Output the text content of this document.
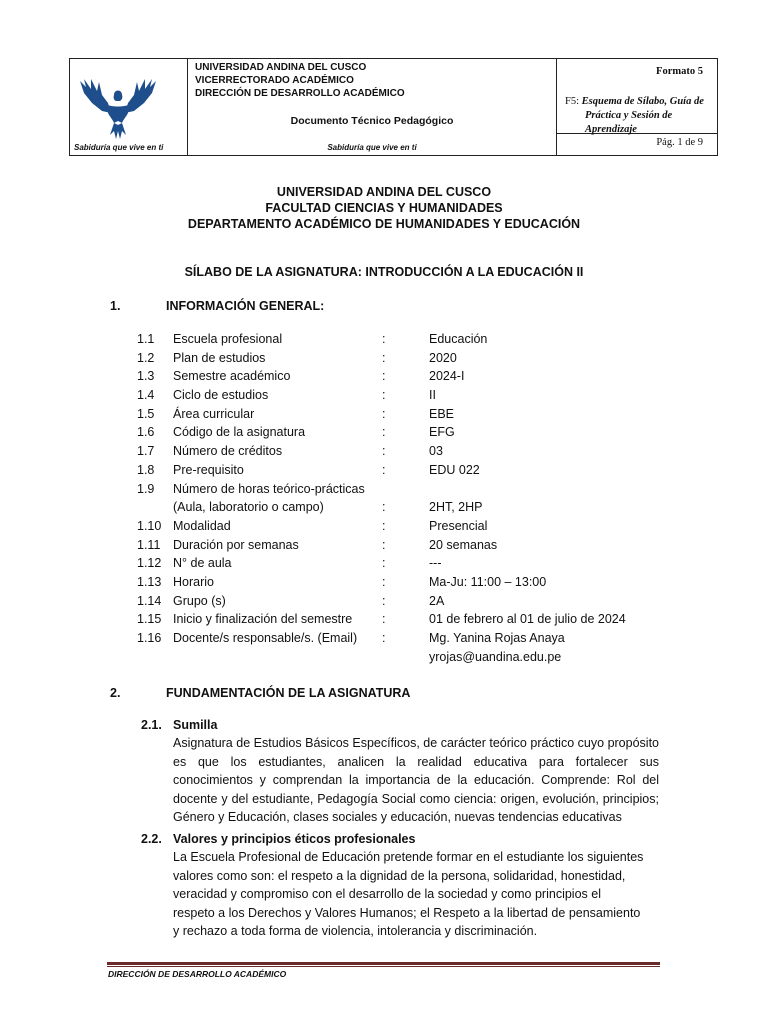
Sabiduría que vive en ti
UNIVERSIDAD ANDINA DEL CUSCO
VICERRECTORADO ACADÉMICO
DIRECCIÓN DE DESARROLLO ACADÉMICO
Documento Técnico Pedagógico
Sabiduría que vive en ti
Formato 5
F5: Esquema de Sílabo, Guía de
Práctica y Sesión de Aprendizaje
Pág. 1 de 9
UNIVERSIDAD ANDINA DEL CUSCO
FACULTAD CIENCIAS Y HUMANIDADES
DEPARTAMENTO ACADÉMICO DE HUMANIDADES Y EDUCACIÓN
SÍLABO DE LA ASIGNATURA: INTRODUCCIÓN A LA EDUCACIÓN II
1.	INFORMACIÓN GENERAL:
1.1 Escuela profesional	:	Educación
1.2 Plan de estudios	:	2020
1.3 Semestre académico	:	2024-I
1.4 Ciclo de estudios	:	II
1.5 Área curricular	:	EBE
1.6 Código de la asignatura	:	EFG
1.7 Número de créditos	:	03
1.8 Pre-requisito	:	EDU 022
1.9 Número de horas teórico-prácticas
(Aula, laboratorio o campo)	:	2HT, 2HP
1.10 Modalidad	:	Presencial
1.11 Duración por semanas	:	20 semanas
1.12 N° de aula	:	---
1.13 Horario	:	Ma-Ju: 11:00 – 13:00
1.14 Grupo (s)	:	2A
1.15 Inicio y finalización del semestre :	01 de febrero al 01 de julio de 2024
1.16 Docente/s responsable/s. (Email) :	Mg. Yanina Rojas Anaya
yrojas@uandina.edu.pe
2.	FUNDAMENTACIÓN DE LA ASIGNATURA
2.1. Sumilla
Asignatura de Estudios Básicos Específicos, de carácter teórico práctico cuyo propósito es que los estudiantes, analicen la realidad educativa para fortalecer sus conocimientos y comprendan la importancia de la educación. Comprende: Rol del docente y del estudiante, Pedagogía Social como ciencia: origen, evolución, principios; Género y Educación, clases sociales y educación, nuevas tendencias educativas
2.2. Valores y principios éticos profesionales
La Escuela Profesional de Educación pretende formar en el estudiante los siguientes
valores como son: el respeto a la dignidad de la persona, solidaridad, honestidad,
veracidad y compromiso con el desarrollo de la sociedad y como principios el
respeto a los Derechos y Valores Humanos; el Respeto a la libertad de pensamiento
y rechazo a toda forma de violencia, intolerancia y discriminación.
DIRECCIÓN DE DESARROLLO ACADÉMICO
